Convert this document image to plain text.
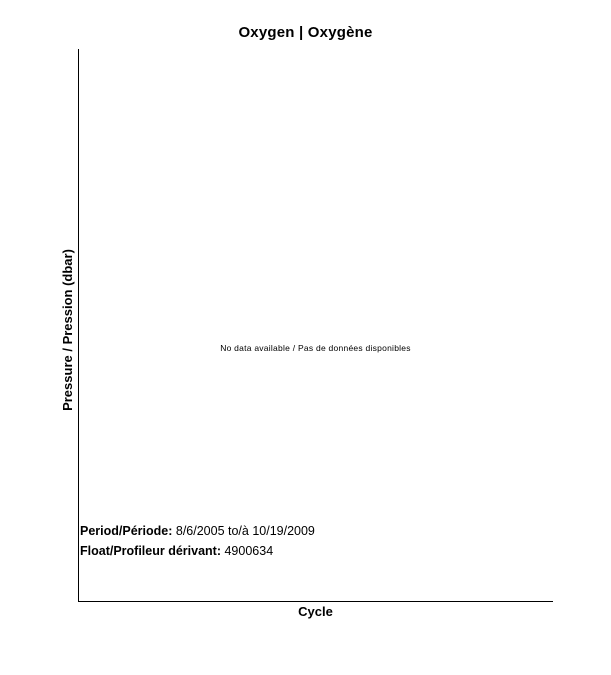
Oxygen | Oxygène
Pressure / Pression (dbar)
Cycle
No data available / Pas de données disponibles
Period/Période: 8/6/2005 to/à 10/19/2009
Float/Profileur dérivant: 4900634
